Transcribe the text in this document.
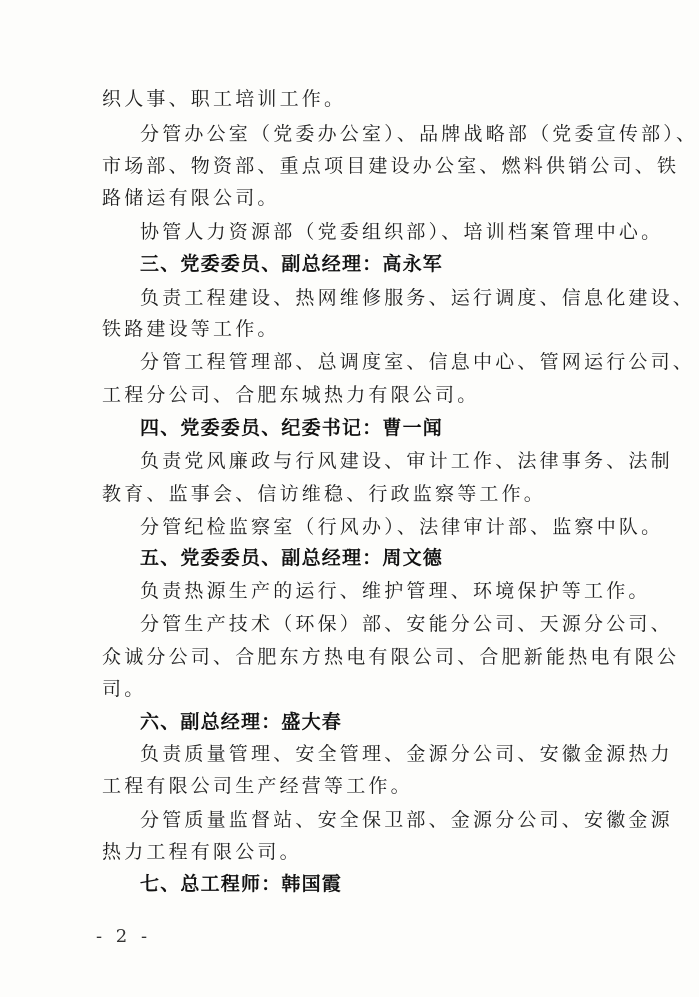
织人事、职工培训工作。
分管办公室（党委办公室）、品牌战略部（党委宣传部）、
市场部、物资部、重点项目建设办公室、燃料供销公司、铁
路储运有限公司。
协管人力资源部（党委组织部）、培训档案管理中心。
三、党委委员、副总经理：高永军
负责工程建设、热网维修服务、运行调度、信息化建设、
铁路建设等工作。
分管工程管理部、总调度室、信息中心、管网运行公司、
工程分公司、合肥东城热力有限公司。
四、党委委员、纪委书记：曹一闻
负责党风廉政与行风建设、审计工作、法律事务、法制
教育、监事会、信访维稳、行政监察等工作。
分管纪检监察室（行风办）、法律审计部、监察中队。
五、党委委员、副总经理：周文德
负责热源生产的运行、维护管理、环境保护等工作。
分管生产技术（环保）部、安能分公司、天源分公司、
众诚分公司、合肥东方热电有限公司、合肥新能热电有限公
司。
六、副总经理：盛大春
负责质量管理、安全管理、金源分公司、安徽金源热力
工程有限公司生产经营等工作。
分管质量监督站、安全保卫部、金源分公司、安徽金源
热力工程有限公司。
七、总工程师：韩国霞
- 2 -
